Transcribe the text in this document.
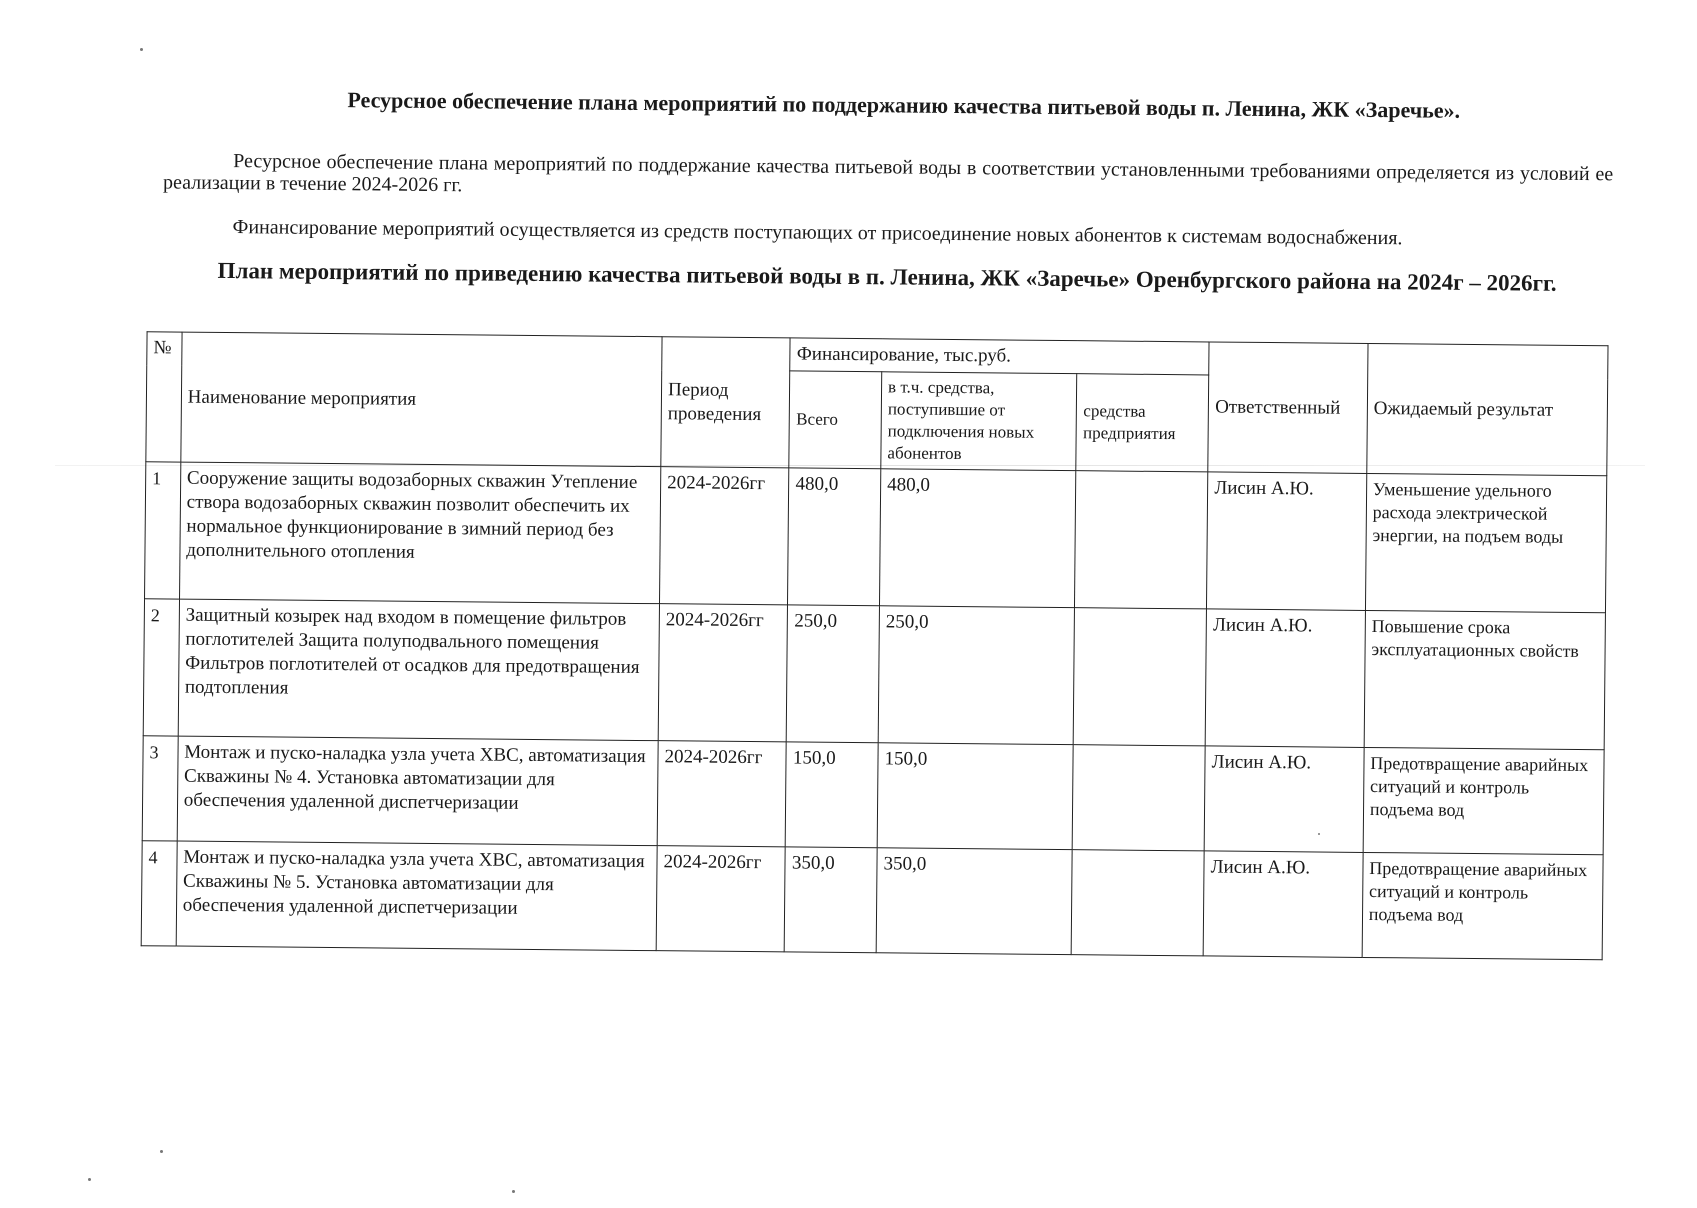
Ресурсное обеспечение плана мероприятий по поддержанию качества питьевой воды п. Ленина, ЖК «Заречье».
Ресурсное обеспечение плана мероприятий по поддержание качества питьевой воды в соответствии установленными требованиями определяется из условий ее реализации в течение 2024-2026 гг.
Финансирование мероприятий осуществляется из средств поступающих от присоединение новых абонентов к системам водоснабжения.
План мероприятий по приведению качества питьевой воды в п. Ленина, ЖК «Заречье» Оренбургского района на 2024г – 2026гг.
№	Наименование мероприятия	Период проведения	Финансирование, тыс.руб.			Ответственный	Ожидаемый результат
			Всего	в т.ч. средства, поступившие от подключения новых абонентов	средства предприятия		
1	Сооружение защиты водозаборных скважин Утепление створа водозаборных скважин позволит обеспечить их нормальное функционирование в зимний период без дополнительного отопления	2024-2026гг	480,0	480,0		Лисин А.Ю.	Уменьшение удельного расхода электрической энергии, на подъем воды
2	Защитный козырек над входом в помещение фильтров поглотителей Защита полуподвального помещения Фильтров поглотителей от осадков для предотвращения подтопления	2024-2026гг	250,0	250,0		Лисин А.Ю.	Повышение срока эксплуатационных свойств
3	Монтаж и пуско-наладка узла учета ХВС, автоматизация Скважины № 4. Установка автоматизации для обеспечения удаленной диспетчеризации	2024-2026гг	150,0	150,0		Лисин А.Ю.	Предотвращение аварийных ситуаций и контроль подъема вод
4	Монтаж и пуско-наладка узла учета ХВС, автоматизация Скважины № 5. Установка автоматизации для обеспечения удаленной диспетчеризации	2024-2026гг	350,0	350,0		Лисин А.Ю.	Предотвращение аварийных ситуаций и контроль подъема вод
